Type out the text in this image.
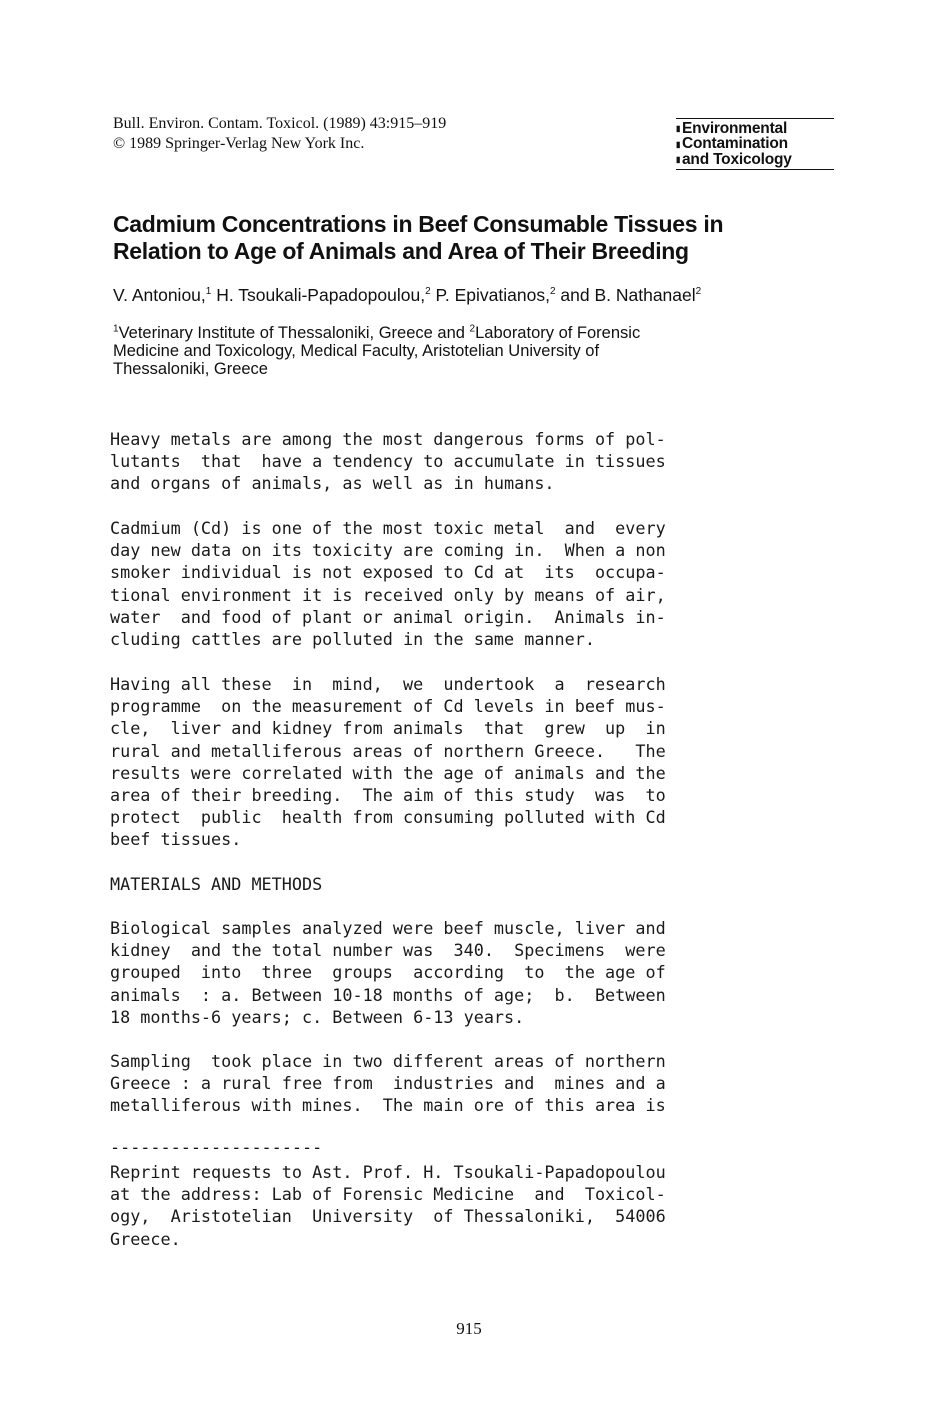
Bull. Environ. Contam. Toxicol. (1989) 43:915–919
© 1989 Springer-Verlag New York Inc.
▮ Environmental
▮ Contamination
▮ and Toxicology
Cadmium Concentrations in Beef Consumable Tissues in
Relation to Age of Animals and Area of Their Breeding
V. Antoniou,$^1$ H. Tsoukali-Papadopoulou,$^2$ P. Epivatianos,$^2$ and B. Nathanael$^2$
$^1$Veterinary Institute of Thessaloniki, Greece and $^2$Laboratory of Forensic
Medicine and Toxicology, Medical Faculty, Aristotelian University of
Thessaloniki, Greece
Heavy metals are among the most dangerous forms of pol-
lutants  that  have a tendency to accumulate in tissues
and organs of animals, as well as in humans.
Cadmium (Cd) is one of the most toxic metal  and  every
day new data on its toxicity are coming in.  When a non
smoker individual is not exposed to Cd at  its  occupa-
tional environment it is received only by means of air,
water  and food of plant or animal origin.  Animals in-
cluding cattles are polluted in the same manner.
Having all these  in  mind,  we  undertook  a  research
programme  on the measurement of Cd levels in beef mus-
cle,  liver and kidney from animals  that  grew  up  in
rural and metalliferous areas of northern Greece.   The
results were correlated with the age of animals and the
area of their breeding.  The aim of this study  was  to
protect  public  health from consuming polluted with Cd
beef tissues.
MATERIALS AND METHODS
Biological samples analyzed were beef muscle, liver and
kidney  and the total number was  340.  Specimens  were
grouped  into  three  groups  according  to  the age of
animals  : a. Between 10-18 months of age;  b.  Between
18 months-6 years; c. Between 6-13 years.
Sampling  took place in two different areas of northern
Greece : a rural free from  industries and  mines and a
metalliferous with mines.  The main ore of this area is
---------------------
Reprint requests to Ast. Prof. H. Tsoukali-Papadopoulou
at the address: Lab of Forensic Medicine  and  Toxicol-
ogy,  Aristotelian  University  of Thessaloniki,  54006
Greece.
915
